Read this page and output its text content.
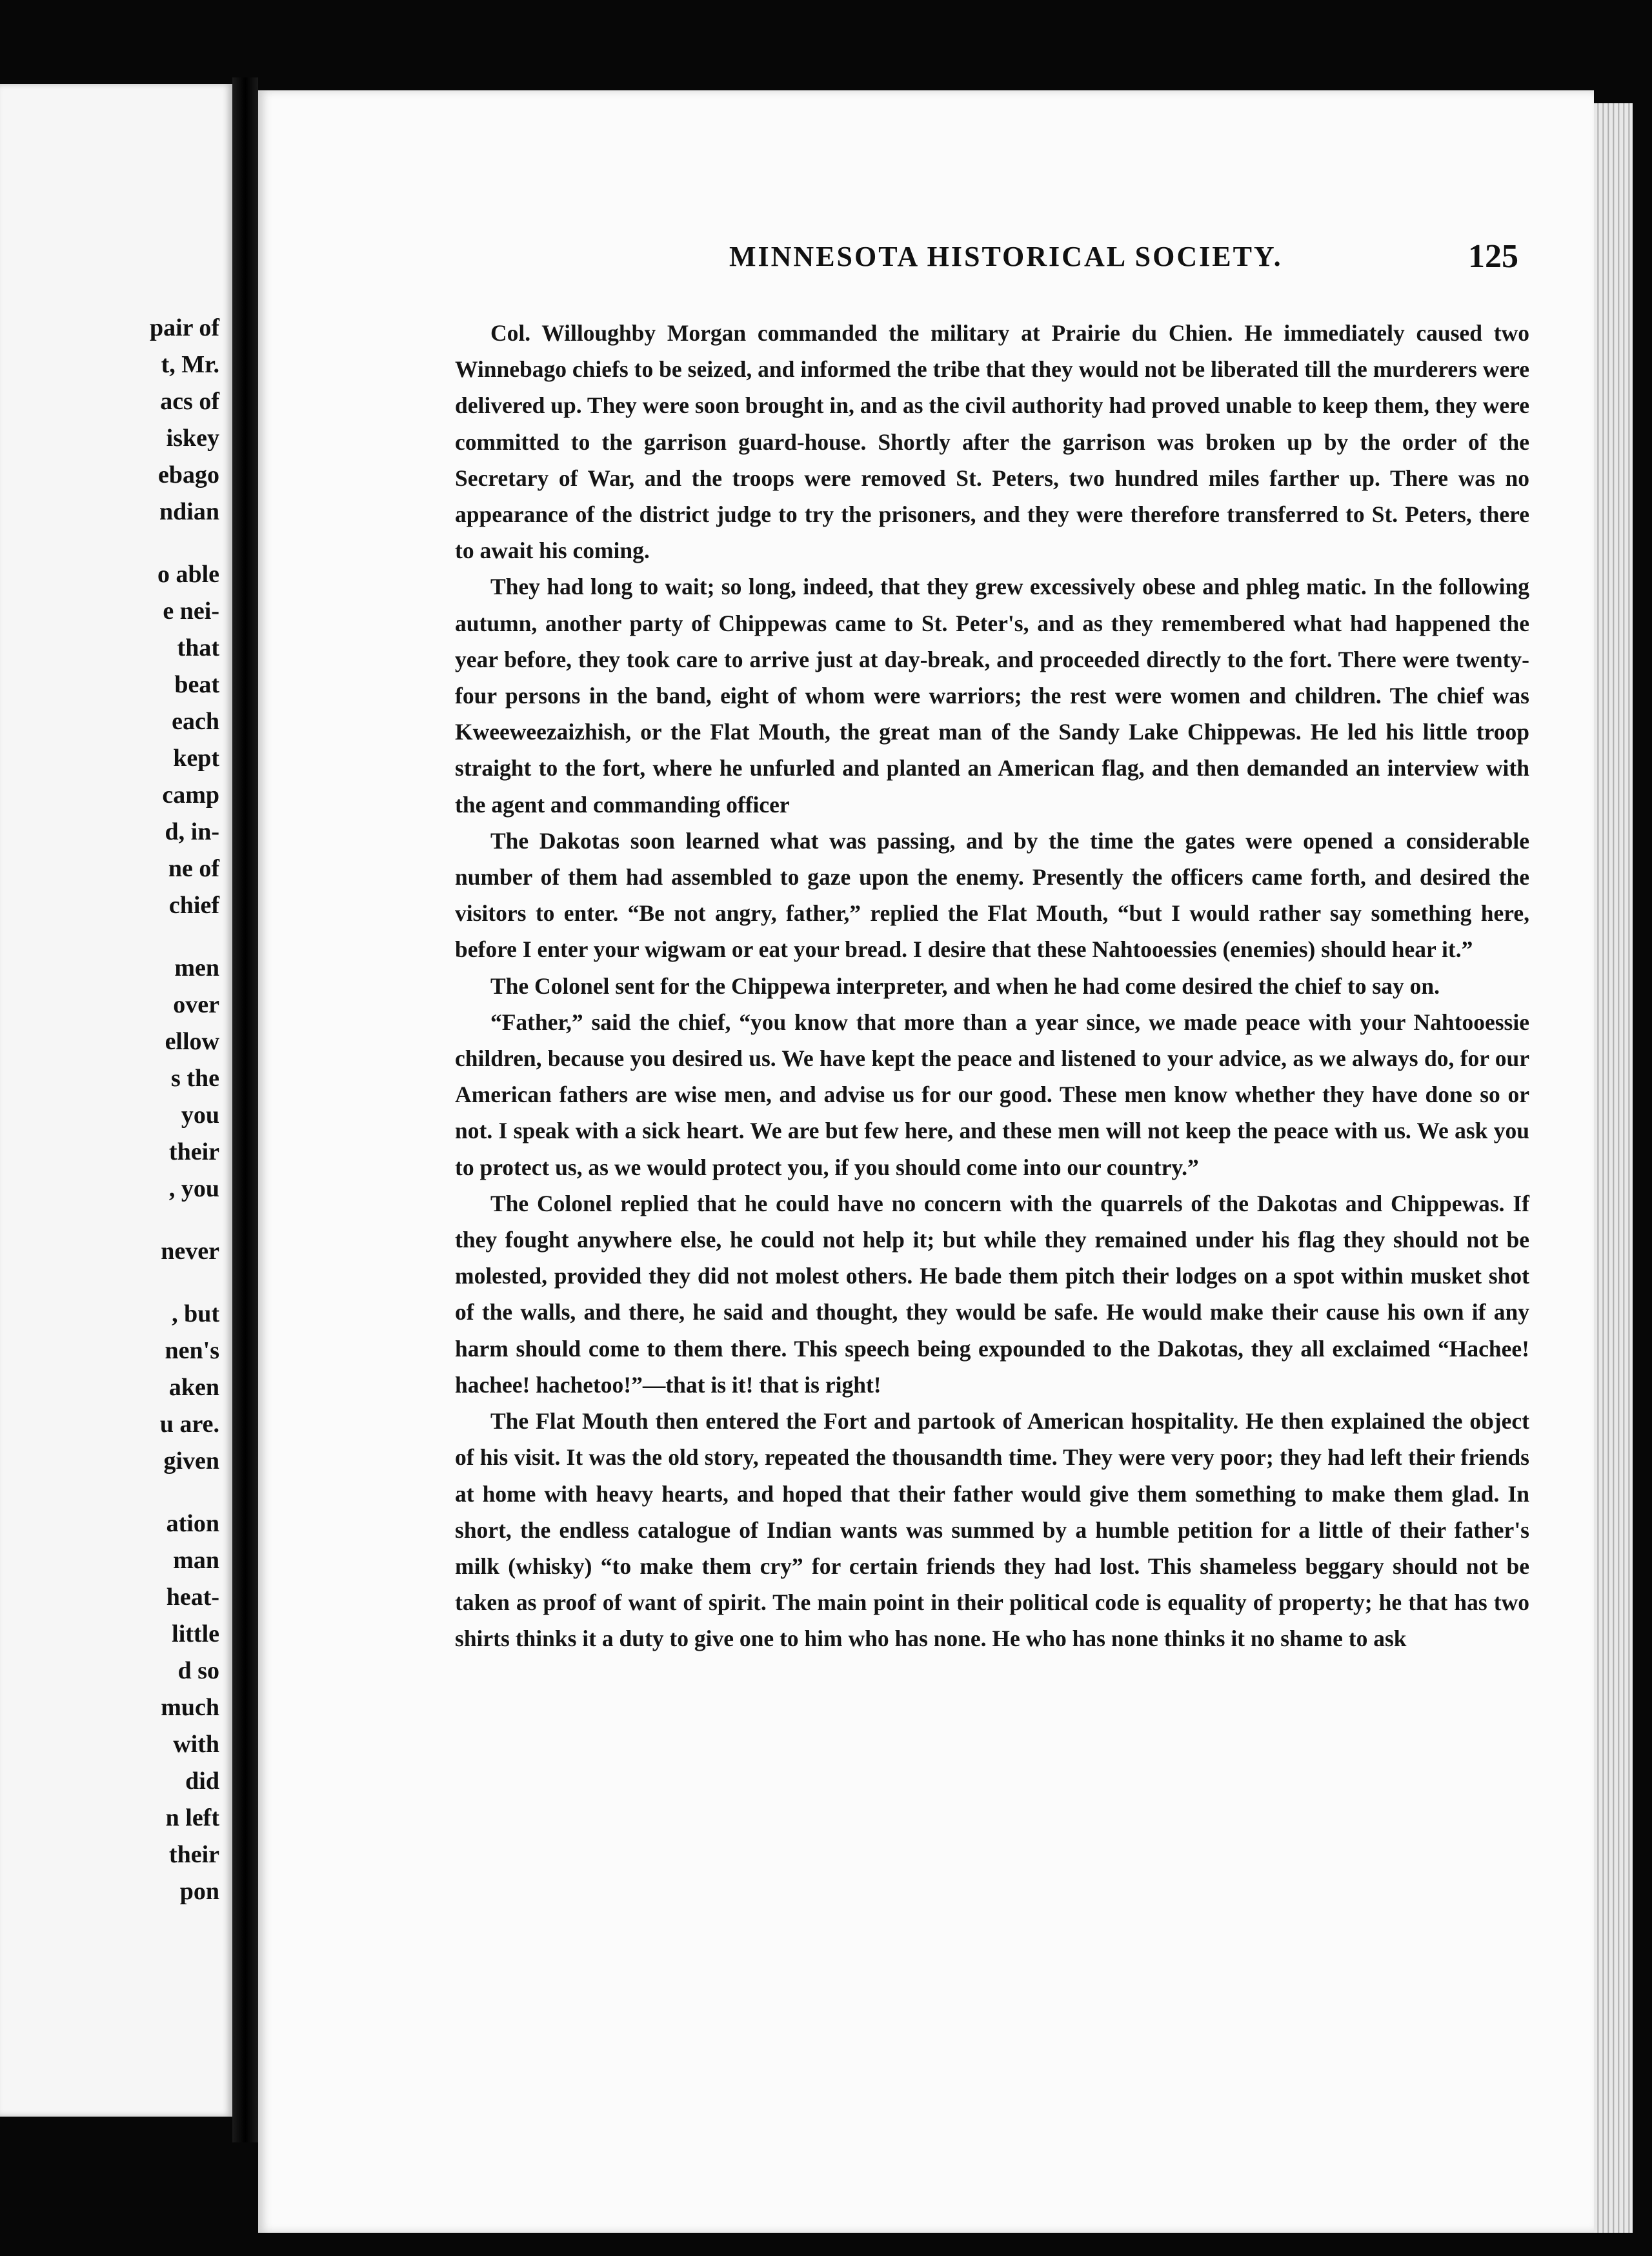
pair of
t, Mr.
acs of
iskey
ebago
ndian
o able
e nei-
that
beat
each
kept
camp
d, in-
ne of
chief
men
over
ellow
s the
you
their
, you
never
, but
nen's
aken
u are.
given
ation
man
heat-
little
d so
much
with
did
n left
their
pon
MINNESOTA HISTORICAL SOCIETY.	125

Col. Willoughby Morgan commanded the military at Prairie du Chien. He immediately caused two Winnebago chiefs to be seized, and informed the tribe that they would not be liberated till the murderers were delivered up. They were soon brought in, and as the civil authority had proved unable to keep them, they were committed to the garrison guard-house. Shortly after the garrison was broken up by the order of the Secretary of War, and the troops were removed St. Peters, two hundred miles farther up. There was no appearance of the district judge to try the prisoners, and they were therefore transferred to St. Peters, there to await his coming.

They had long to wait; so long, indeed, that they grew excessively obese and phleg matic. In the following autumn, another party of Chippewas came to St. Peter's, and as they remembered what had happened the year before, they took care to arrive just at day-break, and proceeded directly to the fort. There were twenty-four persons in the band, eight of whom were warriors; the rest were women and children. The chief was Kweeweezaizhish, or the Flat Mouth, the great man of the Sandy Lake Chippewas. He led his little troop straight to the fort, where he unfurled and planted an American flag, and then demanded an interview with the agent and commanding officer

The Dakotas soon learned what was passing, and by the time the gates were opened a considerable number of them had assembled to gaze upon the enemy. Presently the officers came forth, and desired the visitors to enter. “Be not angry, father,” replied the Flat Mouth, “but I would rather say something here, before I enter your wigwam or eat your bread. I desire that these Nahtooessies (enemies) should hear it.”

The Colonel sent for the Chippewa interpreter, and when he had come desired the chief to say on.

“Father,” said the chief, “you know that more than a year since, we made peace with your Nahtooessie children, because you desired us. We have kept the peace and listened to your advice, as we always do, for our American fathers are wise men, and advise us for our good. These men know whether they have done so or not. I speak with a sick heart. We are but few here, and these men will not keep the peace with us. We ask you to protect us, as we would protect you, if you should come into our country.”

The Colonel replied that he could have no concern with the quarrels of the Dakotas and Chippewas. If they fought anywhere else, he could not help it; but while they remained under his flag they should not be molested, provided they did not molest others. He bade them pitch their lodges on a spot within musket shot of the walls, and there, he said and thought, they would be safe. He would make their cause his own if any harm should come to them there. This speech being expounded to the Dakotas, they all exclaimed “Hachee! hachee! hachetoo!”—that is it! that is right!

The Flat Mouth then entered the Fort and partook of American hospitality. He then explained the object of his visit. It was the old story, repeated the thousandth time. They were very poor; they had left their friends at home with heavy hearts, and hoped that their father would give them something to make them glad. In short, the endless catalogue of Indian wants was summed by a humble petition for a little of their father's milk (whisky) “to make them cry” for certain friends they had lost. This shameless beggary should not be taken as proof of want of spirit. The main point in their political code is equality of property; he that has two shirts thinks it a duty to give one to him who has none. He who has none thinks it no shame to ask
